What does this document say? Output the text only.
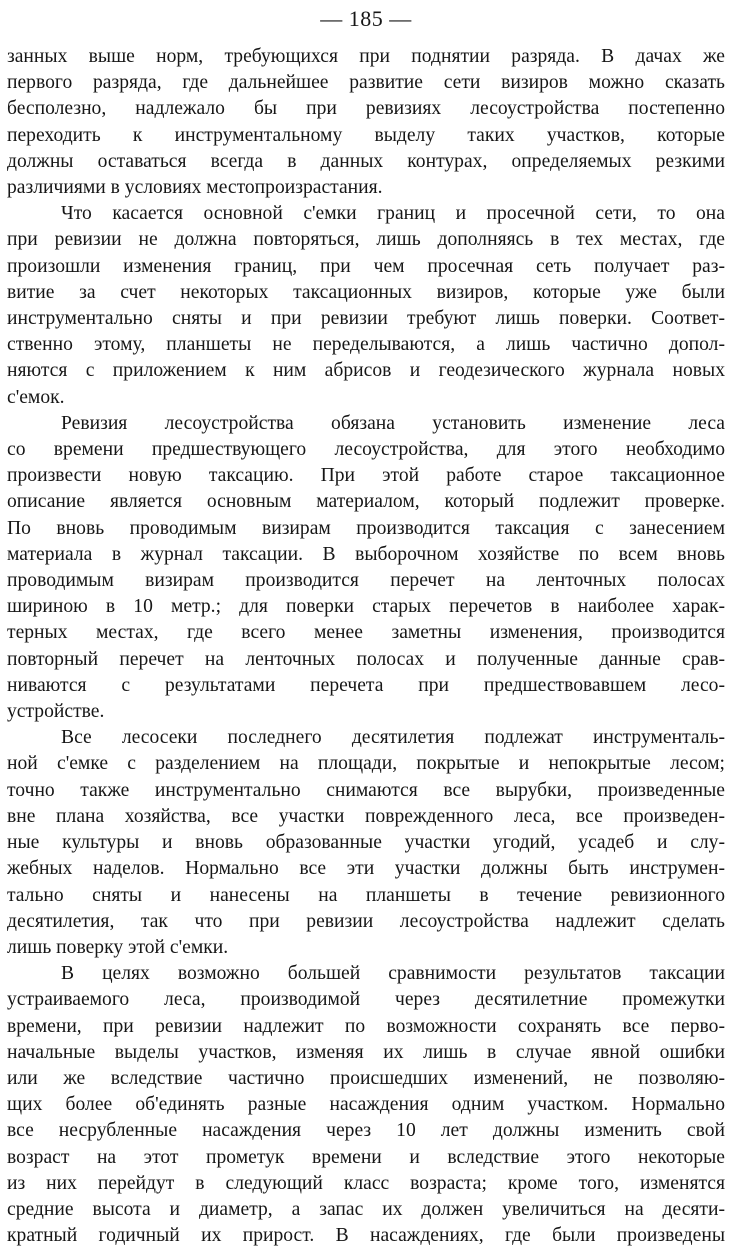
— 185 —

занных выше норм, требующихся при поднятии разряда. В дачах же
первого разряда, где дальнейшее развитие сети визиров можно сказать
бесполезно, надлежало бы при ревизиях лесоустройства постепенно
переходить к инструментальному выделу таких участков, которые
должны оставаться всегда в данных контурах, определяемых резкими
различиями в условиях местопроизрастания.

Что касается основной с'емки границ и просечной сети, то она
при ревизии не должна повторяться, лишь дополняясь в тех местах, где
произошли изменения границ, при чем просечная сеть получает раз-
витие за счет некоторых таксационных визиров, которые уже были
инструментально сняты и при ревизии требуют лишь поверки. Соответ-
ственно этому, планшеты не переделываются, а лишь частично допол-
няются с приложением к ним абрисов и геодезического журнала новых
с'емок.

Ревизия лесоустройства обязана установить изменение леса
со времени предшествующего лесоустройства, для этого необходимо
произвести новую таксацию. При этой работе старое таксационное
описание является основным материалом, который подлежит проверке.
По вновь проводимым визирам производится таксация с занесением
материала в журнал таксации. В выборочном хозяйстве по всем вновь
проводимым визирам производится перечет на ленточных полосах
шириною в 10 метр.; для поверки старых перечетов в наиболее харак-
терных местах, где всего менее заметны изменения, производится
повторный перечет на ленточных полосах и полученные данные срав-
ниваются с результатами перечета при предшествовавшем лесо-
устройстве.

Все лесосеки последнего десятилетия подлежат инструменталь-
ной с'емке с разделением на площади, покрытые и непокрытые лесом;
точно также инструментально снимаются все вырубки, произведенные
вне плана хозяйства, все участки поврежденного леса, все произведен-
ные культуры и вновь образованные участки угодий, усадеб и слу-
жебных наделов. Нормально все эти участки должны быть инструмен-
тально сняты и нанесены на планшеты в течение ревизионного
десятилетия, так что при ревизии лесоустройства надлежит сделать
лишь поверку этой с'емки.

В целях возможно большей сравнимости результатов таксации
устраиваемого леса, производимой через десятилетние промежутки
времени, при ревизии надлежит по возможности сохранять все перво-
начальные выделы участков, изменяя их лишь в случае явной ошибки
или же вследствие частично происшедших изменений, не позволяю-
щих более об'единять разные насаждения одним участком. Нормально
все несрубленные насаждения через 10 лет должны изменить свой
возраст на этот прометук времени и вследствие этого некоторые
из них перейдут в следующий класс возраста; кроме того, изменятся
средние высота и диаметр, а запас их должен увеличиться на десяти-
кратный годичный их прирост. В насаждениях, где были произведены
